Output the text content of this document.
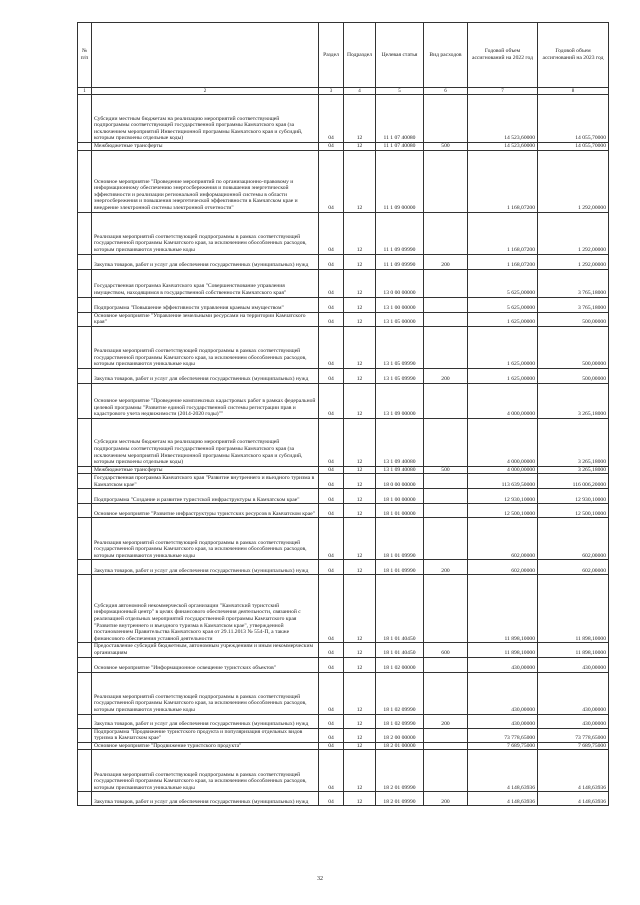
№ п/п		Раздел	Подраздел	Целевая статья	Вид расходов	Годовой объем ассигнований на 2022 год	Годовой объем ассигнований на 2023 год
1	2	3	4	5	6	7	8
	Субсидии местным бюджетам на реализацию мероприятий соответствующей подпрограммы соответствующей государственной программы Камчатского края (за исключением мероприятий Инвестиционной программы Камчатского края и субсидий, которым присвоены отдельные коды)	04	12	11 1 07 40080		14 523,60000	14 055,70000
	Межбюджетные трансферты	04	12	11 1 07 40080	500	14 523,60000	14 055,70000
	Основное мероприятие "Проведение мероприятий по организационно-правовому и информационному обеспечению энергосбережения и повышения энергетической эффективности и реализации региональной информационной системы в области энергосбережения и повышения энергетической эффективности в Камчатском крае и внедрение электронной системы электронной отчетности"	04	12	11 1 09 00000		1 168,07200	1 292,00000
	Реализация мероприятий соответствующей подпрограммы в рамках соответствующей государственной программы Камчатского края, за исключением обособленных расходов, которым присваиваются уникальные коды	04	12	11 1 09 09990		1 168,07200	1 292,00000
	Закупка товаров, работ и услуг для обеспечения государственных (муниципальных) нужд	04	12	11 1 09 09990	200	1 168,07200	1 292,00000
	Государственная программа Камчатского края "Совершенствование управления имуществом, находящимся в государственной собственности Камчатского края"	04	12	13 0 00 00000		5 625,00000	3 765,18000
	Подпрограмма "Повышение эффективности управления краевым имуществом"	04	12	13 1 00 00000		5 625,00000	3 765,18000
	Основное мероприятие "Управление земельными ресурсами на территории Камчатского края"	04	12	13 1 05 00000		1 625,00000	500,00000
	Реализация мероприятий соответствующей подпрограммы в рамках соответствующей государственной программы Камчатского края, за исключением обособленных расходов, которым присваиваются уникальные коды	04	12	13 1 05 09990		1 625,00000	500,00000
	Закупка товаров, работ и услуг для обеспечения государственных (муниципальных) нужд	04	12	13 1 05 09990	200	1 625,00000	500,00000
	Основное мероприятие "Проведение комплексных кадастровых работ в рамках федеральной целевой программы "Развитие единой государственной системы регистрации прав и кадастрового учета недвижимости (2014-2020 годы)""	04	12	13 1 09 00000		4 000,00000	3 265,18000
	Субсидии местным бюджетам на реализацию мероприятий соответствующей подпрограммы соответствующей государственной программы Камчатского края (за исключением мероприятий Инвестиционной программы Камчатского края и субсидий, которым присвоены отдельные коды)	04	12	13 1 09 40080		4 000,00000	3 265,18000
	Межбюджетные трансферты	04	12	13 1 09 40080	500	4 000,00000	3 265,18000
	Государственная программа Камчатского края "Развитие внутреннего и въездного туризма в Камчатском крае"	04	12	18 0 00 00000		113 639,50000	116 006,20000
	Подпрограмма "Создание и развитие туристской инфраструктуры в Камчатском крае"	04	12	18 1 00 00000		12 930,10000	12 930,10000
	Основное мероприятие "Развитие инфраструктуры туристских ресурсов в Камчатском крае"	04	12	18 1 01 00000		12 500,10000	12 500,10000
	Реализация мероприятий соответствующей подпрограммы в рамках соответствующей государственной программы Камчатского края, за исключением обособленных расходов, которым присваиваются уникальные коды	04	12	18 1 01 09990		602,00000	602,00000
	Закупка товаров, работ и услуг для обеспечения государственных (муниципальных) нужд	04	12	18 1 01 09990	200	602,00000	602,00000
	Субсидия автономной некоммерческой организации "Камчатский туристский информационный центр" в целях финансового обеспечения деятельности, связанной с реализацией отдельных мероприятий государственной программы Камчатского края "Развитие внутреннего и въездного туризма в Камчатском крае", утвержденной постановлением Правительства Камчатского края от 29.11.2013 № 554-П, а также финансового обеспечения уставной деятельности	04	12	18 1 01 40450		11 898,10000	11 898,10000
	Предоставление субсидий бюджетным, автономным учреждениям и иным некоммерческим организациям	04	12	18 1 01 40450	600	11 898,10000	11 898,10000
	Основное мероприятие "Информационное освещение туристских объектов"	04	12	18 1 02 00000		430,00000	430,00000
	Реализация мероприятий соответствующей подпрограммы в рамках соответствующей государственной программы Камчатского края, за исключением обособленных расходов, которым присваиваются уникальные коды	04	12	18 1 02 09990		430,00000	430,00000
	Закупка товаров, работ и услуг для обеспечения государственных (муниципальных) нужд	04	12	18 1 02 09990	200	430,00000	430,00000
	Подпрограмма "Продвижение туристского продукта и популяризация отдельных видов туризма в Камчатском крае"	04	12	18 2 00 00000		73 778,65000	73 778,65000
	Основное мероприятие "Продвижение туристского продукта"	04	12	18 2 01 00000		7 689,75000	7 689,75000
	Реализация мероприятий соответствующей подпрограммы в рамках соответствующей государственной программы Камчатского края, за исключением обособленных расходов, которым присваиваются уникальные коды	04	12	18 2 01 09990		4 148,63936	4 148,63936
	Закупка товаров, работ и услуг для обеспечения государственных (муниципальных) нужд	04	12	18 2 01 09990	200	4 148,63936	4 148,63936
32
